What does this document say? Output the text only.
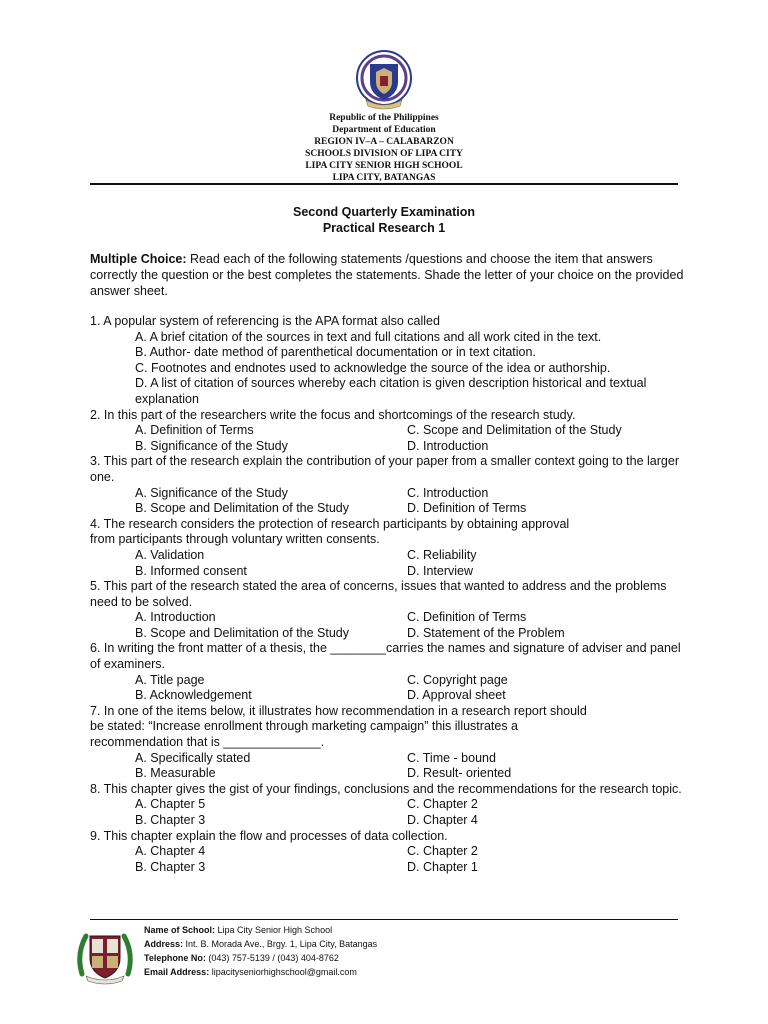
Republic of the Philippines
Department of Education
REGION IV–A – CALABARZON
SCHOOLS DIVISION OF LIPA CITY
LIPA CITY SENIOR HIGH SCHOOL
LIPA CITY, BATANGAS
Second Quarterly Examination
Practical Research 1
Multiple Choice: Read each of the following statements /questions and choose the item that answers correctly the question or the best completes the statements. Shade the letter of your choice on the provided answer sheet.
1. A popular system of referencing is the APA format also called
A. A brief citation of the sources in text and full citations and all work cited in the text.
B. Author- date method of parenthetical documentation or in text citation.
C. Footnotes and endnotes used to acknowledge the source of the idea or authorship.
D. A list of citation of sources whereby each citation is given description historical and textual explanation
2. In this part of the researchers write the focus and shortcomings of the research study.
A. Definition of Terms	C. Scope and Delimitation of the Study
B. Significance of the Study	D. Introduction
3. This part of the research explain the contribution of your paper from a smaller context going to the larger one.
A. Significance of the Study	C. Introduction
B. Scope and Delimitation of the Study	D. Definition of Terms
4. The research considers the protection of research participants by obtaining approval
from participants through voluntary written consents.
A. Validation	C. Reliability
B. Informed consent	D. Interview
5. This part of the research stated the area of concerns, issues that wanted to address and the problems need to be solved.
A. Introduction	C. Definition of Terms
B. Scope and Delimitation of the Study	D. Statement of the Problem
6. In writing the front matter of a thesis, the ________carries the names and signature of adviser and panel of examiners.
A. Title page	C. Copyright page
B. Acknowledgement	D. Approval sheet
7. In one of the items below, it illustrates how recommendation in a research report should
be stated: “Increase enrollment through marketing campaign” this illustrates a
recommendation that is ______________.
A. Specifically stated	C. Time - bound
B. Measurable	D. Result- oriented
8. This chapter gives the gist of your findings, conclusions and the recommendations for the research topic.
A. Chapter 5	C. Chapter 2
B. Chapter 3	D. Chapter 4
9. This chapter explain the flow and processes of data collection.
A. Chapter 4	C. Chapter 2
B. Chapter 3	D. Chapter 1
Name of School: Lipa City Senior High School
Address: Int. B. Morada Ave., Brgy. 1, Lipa City, Batangas
Telephone No: (043) 757-5139 / (043) 404-8762
Email Address: lipacityseniorhighschool@gmail.com
